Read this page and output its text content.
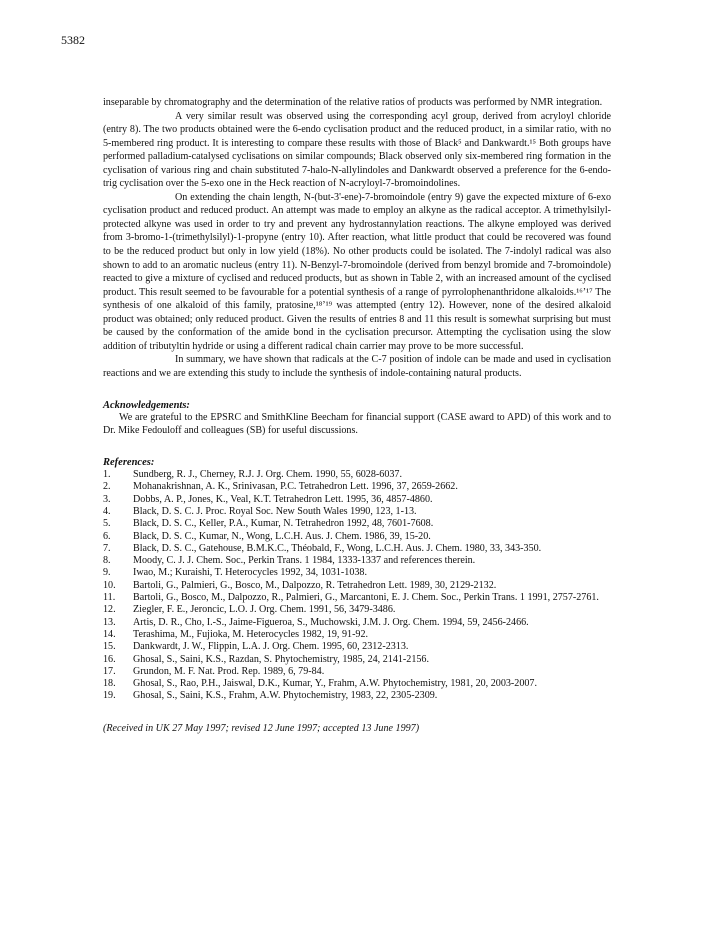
5382

inseparable by chromatography and the determination of the relative ratios of products was performed by NMR integration.

A very similar result was observed using the corresponding acyl group, derived from acryloyl chloride (entry 8). The two products obtained were the 6-endo cyclisation product and the reduced product, in a similar ratio, with no 5-membered ring product. It is interesting to compare these results with those of Black⁵ and Dankwardt.¹⁵ Both groups have performed palladium-catalysed cyclisations on similar compounds; Black observed only six-membered ring formation in the cyclisation of various ring and chain substituted 7-halo-N-allylindoles and Dankwardt observed a preference for the 6-endo-trig cyclisation over the 5-exo one in the Heck reaction of N-acryloyl-7-bromoindolines.

On extending the chain length, N-(but-3'-ene)-7-bromoindole (entry 9) gave the expected mixture of 6-exo cyclisation product and reduced product. An attempt was made to employ an alkyne as the radical acceptor. A trimethylsilyl-protected alkyne was used in order to try and prevent any hydrostannylation reactions. The alkyne employed was derived from 3-bromo-1-(trimethylsilyl)-1-propyne (entry 10). After reaction, what little product that could be recovered was found to be the reduced product but only in low yield (18%). No other products could be isolated. The 7-indolyl radical was also shown to add to an aromatic nucleus (entry 11). N-Benzyl-7-bromoindole (derived from benzyl bromide and 7-bromoindole) reacted to give a mixture of cyclised and reduced products, but as shown in Table 2, with an increased amount of the cyclised product. This result seemed to be favourable for a potential synthesis of a range of pyrrolophenanthridone alkaloids.¹⁶ʼ¹⁷ The synthesis of one alkaloid of this family, pratosine,¹⁸ʼ¹⁹ was attempted (entry 12). However, none of the desired alkaloid product was obtained; only reduced product. Given the results of entries 8 and 11 this result is somewhat surprising but must be caused by the conformation of the amide bond in the cyclisation precursor. Attempting the cyclisation using the slow addition of tributyltin hydride or using a different radical chain carrier may prove to be more successful.

In summary, we have shown that radicals at the C-7 position of indole can be made and used in cyclisation reactions and we are extending this study to include the synthesis of indole-containing natural products.

Acknowledgements:

We are grateful to the EPSRC and SmithKline Beecham for financial support (CASE award to APD) of this work and to Dr. Mike Fedouloff and colleagues (SB) for useful discussions.

References:

1.	Sundberg, R. J., Cherney, R.J. J. Org. Chem. 1990, 55, 6028-6037.
2.	Mohanakrishnan, A. K., Srinivasan, P.C. Tetrahedron Lett. 1996, 37, 2659-2662.
3.	Dobbs, A. P., Jones, K., Veal, K.T. Tetrahedron Lett. 1995, 36, 4857-4860.
4.	Black, D. S. C. J. Proc. Royal Soc. New South Wales 1990, 123, 1-13.
5.	Black, D. S. C., Keller, P.A., Kumar, N. Tetrahedron 1992, 48, 7601-7608.
6.	Black, D. S. C., Kumar, N., Wong, L.C.H. Aus. J. Chem. 1986, 39, 15-20.
7.	Black, D. S. C., Gatehouse, B.M.K.C., Théobald, F., Wong, L.C.H. Aus. J. Chem. 1980, 33, 343-350.
8.	Moody, C. J. J. Chem. Soc., Perkin Trans. 1 1984, 1333-1337 and references therein.
9.	Iwao, M.; Kuraishi, T. Heterocycles 1992, 34, 1031-1038.
10.	Bartoli, G., Palmieri, G., Bosco, M., Dalpozzo, R. Tetrahedron Lett. 1989, 30, 2129-2132.
11.	Bartoli, G., Bosco, M., Dalpozzo, R., Palmieri, G., Marcantoni, E. J. Chem. Soc., Perkin Trans. 1 1991, 2757-2761.
12.	Ziegler, F. E., Jeroncic, L.O. J. Org. Chem. 1991, 56, 3479-3486.
13.	Artis, D. R., Cho, I.-S., Jaime-Figueroa, S., Muchowski, J.M. J. Org. Chem. 1994, 59, 2456-2466.
14.	Terashima, M., Fujioka, M. Heterocycles 1982, 19, 91-92.
15.	Dankwardt, J. W., Flippin, L.A. J. Org. Chem. 1995, 60, 2312-2313.
16.	Ghosal, S., Saini, K.S., Razdan, S. Phytochemistry, 1985, 24, 2141-2156.
17.	Grundon, M. F. Nat. Prod. Rep. 1989, 6, 79-84.
18.	Ghosal, S., Rao, P.H., Jaiswal, D.K., Kumar, Y., Frahm, A.W. Phytochemistry, 1981, 20, 2003-2007.
19.	Ghosal, S., Saini, K.S., Frahm, A.W. Phytochemistry, 1983, 22, 2305-2309.
(Received in UK 27 May 1997; revised 12 June 1997; accepted 13 June 1997)
